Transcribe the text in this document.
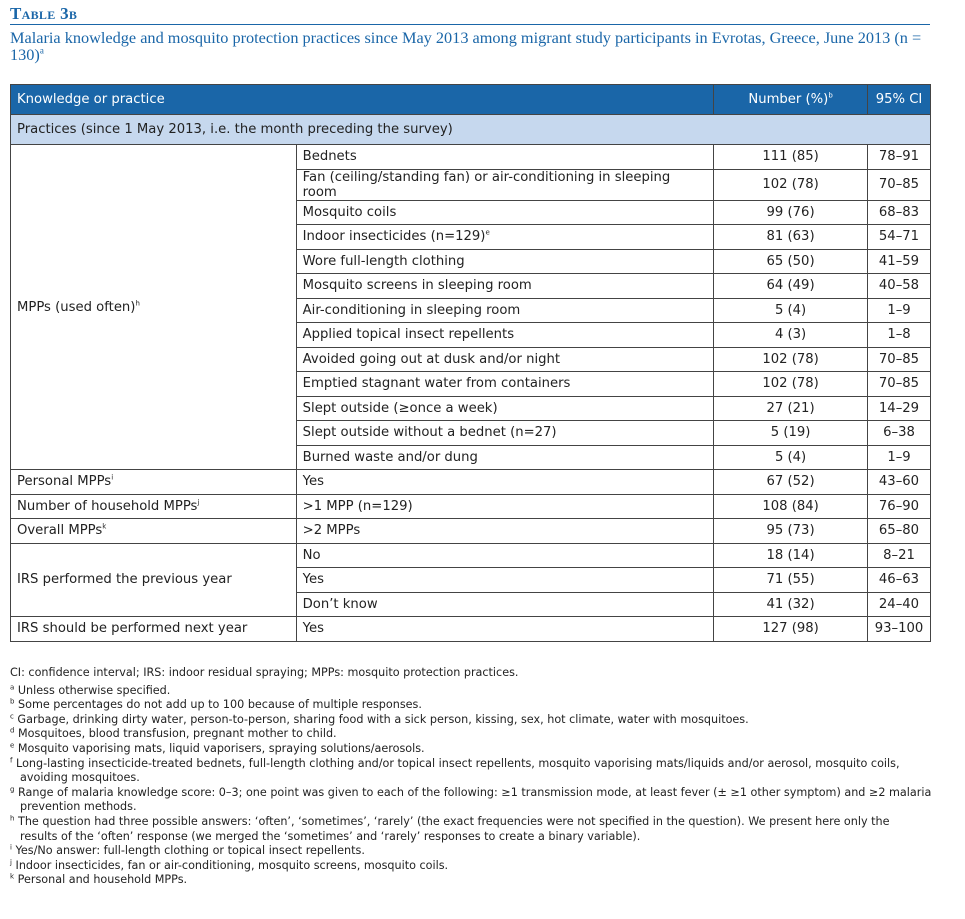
Table 3b
Malaria knowledge and mosquito protection practices since May 2013 among migrant study participants in Evrotas, Greece, June 2013 (n = 130)$^a$
Knowledge or practice		Number (%)$^b$	95% CI
Practices (since 1 May 2013, i.e. the month preceding the survey)			
MPPs (used often)$^h$	Bednets	111 (85)	78–91
	Fan (ceiling/standing fan) or air-conditioning in sleeping room	102 (78)	70–85
	Mosquito coils	99 (76)	68–83
	Indoor insecticides (n=129)$^e$	81 (63)	54–71
	Wore full-length clothing	65 (50)	41–59
	Mosquito screens in sleeping room	64 (49)	40–58
	Air-conditioning in sleeping room	5 (4)	1–9
	Applied topical insect repellents	4 (3)	1–8
	Avoided going out at dusk and/or night	102 (78)	70–85
	Emptied stagnant water from containers	102 (78)	70–85
	Slept outside (≥once a week)	27 (21)	14–29
	Slept outside without a bednet (n=27)	5 (19)	6–38
	Burned waste and/or dung	5 (4)	1–9
Personal MPPs$^i$	Yes	67 (52)	43–60
Number of household MPPs$^j$	>1 MPP (n=129)	108 (84)	76–90
Overall MPPs$^k$	>2 MPPs	95 (73)	65–80
IRS performed the previous year	No	18 (14)	8–21
	Yes	71 (55)	46–63
	Don’t know	41 (32)	24–40
IRS should be performed next year	Yes	127 (98)	93–100
CI: confidence interval; IRS: indoor residual spraying; MPPs: mosquito protection practices.
$^a$ Unless otherwise specified.
$^b$ Some percentages do not add up to 100 because of multiple responses.
$^c$ Garbage, drinking dirty water, person-to-person, sharing food with a sick person, kissing, sex, hot climate, water with mosquitoes.
$^d$ Mosquitoes, blood transfusion, pregnant mother to child.
$^e$ Mosquito vaporising mats, liquid vaporisers, spraying solutions/aerosols.
$^f$ Long-lasting insecticide-treated bednets, full-length clothing and/or topical insect repellents, mosquito vaporising mats/liquids and/or aerosol, mosquito coils,
avoiding mosquitoes.
$^g$ Range of malaria knowledge score: 0–3; one point was given to each of the following: ≥1 transmission mode, at least fever (± ≥1 other symptom) and ≥2 malaria
prevention methods.
$^h$ The question had three possible answers: ‘often’, ‘sometimes’, ‘rarely’ (the exact frequencies were not specified in the question). We present here only the
results of the ‘often’ response (we merged the ‘sometimes’ and ‘rarely’ responses to create a binary variable).
$^i$ Yes/No answer: full-length clothing or topical insect repellents.
$^j$ Indoor insecticides, fan or air-conditioning, mosquito screens, mosquito coils.
$^k$ Personal and household MPPs.
